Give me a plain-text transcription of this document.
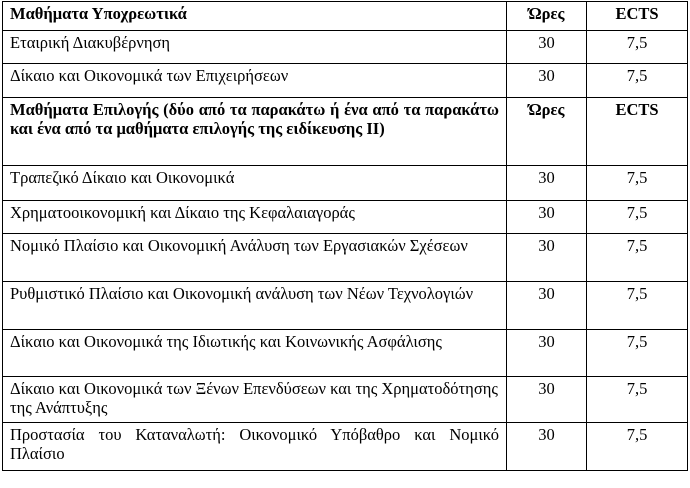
Μαθήματα Υποχρεωτικά	Ώρες	ECTS
Εταιρική Διακυβέρνηση	30	7,5
Δίκαιο και Οικονομικά των Επιχειρήσεων	30	7,5
Μαθήματα Επιλογής (δύο από τα παρακάτω ή ένα από τα παρακάτω και ένα από τα μαθήματα επιλογής της ειδίκευσης ΙΙ)	Ώρες	ECTS
Τραπεζικό Δίκαιο και Οικονομικά	30	7,5
Χρηματοοικονομική και Δίκαιο της Κεφαλαιαγοράς	30	7,5
Νομικό Πλαίσιο και Οικονομική Ανάλυση των Εργασιακών Σχέσεων	30	7,5
Ρυθμιστικό Πλαίσιο και Οικονομική ανάλυση των Νέων Τεχνολογιών	30	7,5
Δίκαιο και Οικονομικά της Ιδιωτικής και Κοινωνικής Ασφάλισης	30	7,5
Δίκαιο και Οικονομικά των Ξένων Επενδύσεων και της Χρηματοδότησης της Ανάπτυξης	30	7,5
Προστασία του Καταναλωτή: Οικονομικό Υπόβαθρο και Νομικό Πλαίσιο	30	7,5
